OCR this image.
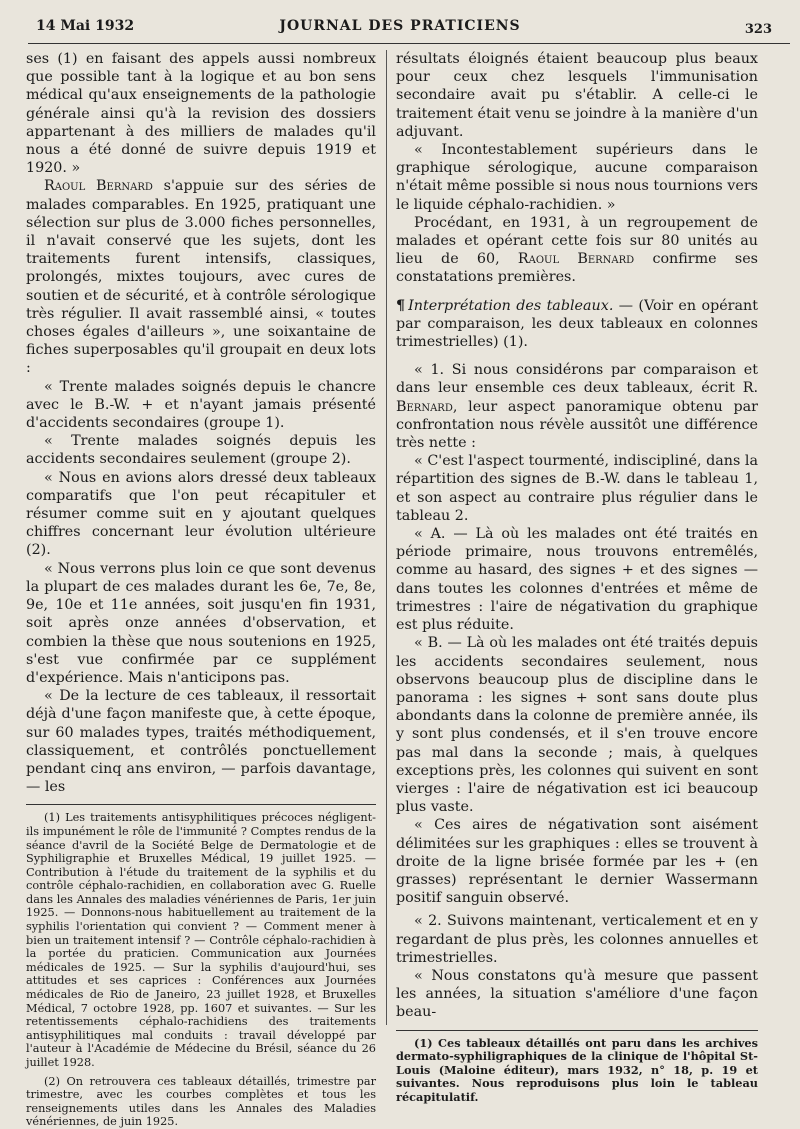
14 Mai 1932	JOURNAL DES PRATICIENS	323

ses (1) en faisant des appels aussi nombreux que possible tant à la logique et au bon sens médical qu'aux enseignements de la pathologie générale ainsi qu'à la revision des dossiers appartenant à des milliers de malades qu'il nous a été donné de suivre depuis 1919 et 1920. »

Raoul Bernard s'appuie sur des séries de malades comparables. En 1925, pratiquant une sélection sur plus de 3.000 fiches personnelles, il n'avait conservé que les sujets, dont les traitements furent intensifs, classiques, prolongés, mixtes toujours, avec cures de soutien et de sécurité, et à contrôle sérologique très régulier. Il avait rassemblé ainsi, « toutes choses égales d'ailleurs », une soixantaine de fiches superposables qu'il groupait en deux lots :

« Trente malades soignés depuis le chancre avec le B.-W. + et n'ayant jamais présenté d'accidents secondaires (groupe 1).

« Trente malades soignés depuis les accidents secondaires seulement (groupe 2).

« Nous en avions alors dressé deux tableaux comparatifs que l'on peut récapituler et résumer comme suit en y ajoutant quelques chiffres concernant leur évolution ultérieure (2).

« Nous verrons plus loin ce que sont devenus la plupart de ces malades durant les 6e, 7e, 8e, 9e, 10e et 11e années, soit jusqu'en fin 1931, soit après onze années d'observation, et combien la thèse que nous soutenions en 1925, s'est vue confirmée par ce supplément d'expérience. Mais n'anticipons pas.

« De la lecture de ces tableaux, il ressortait déjà d'une façon manifeste que, à cette époque, sur 60 malades types, traités méthodiquement, classiquement, et contrôlés ponctuellement pendant cinq ans environ, — parfois davantage, — les

(1) Les traitements antisyphilitiques précoces négligent-ils impunément le rôle de l'immunité ? Comptes rendus de la séance d'avril de la Société Belge de Dermatologie et de Syphiligraphie et Bruxelles Médical, 19 juillet 1925. — Contribution à l'étude du traitement de la syphilis et du contrôle céphalo-rachidien, en collaboration avec G. Ruelle dans les Annales des maladies vénériennes de Paris, 1er juin 1925. — Donnons-nous habituellement au traitement de la syphilis l'orientation qui convient ? — Comment mener à bien un traitement intensif ? — Contrôle céphalo-rachidien à la portée du praticien. Communication aux Journées médicales de 1925. — Sur la syphilis d'aujourd'hui, ses attitudes et ses caprices : Conférences aux Journées médicales de Rio de Janeiro, 23 juillet 1928, et Bruxelles Médical, 7 octobre 1928, pp. 1607 et suivantes. — Sur les retentissements céphalo-rachidiens des traitements antisyphilitiques mal conduits : travail développé par l'auteur à l'Académie de Médecine du Brésil, séance du 26 juillet 1928.

(2) On retrouvera ces tableaux détaillés, trimestre par trimestre, avec les courbes complètes et tous les renseignements utiles dans les Annales des Maladies vénériennes, de juin 1925.

résultats éloignés étaient beaucoup plus beaux pour ceux chez lesquels l'immunisation secondaire avait pu s'établir. A celle-ci le traitement était venu se joindre à la manière d'un adjuvant.

« Incontestablement supérieurs dans le graphique sérologique, aucune comparaison n'était même possible si nous nous tournions vers le liquide céphalo-rachidien. »

Procédant, en 1931, à un regroupement de malades et opérant cette fois sur 80 unités au lieu de 60, Raoul Bernard confirme ses constatations premières.

¶ Interprétation des tableaux. — (Voir en opérant par comparaison, les deux tableaux en colonnes trimestrielles) (1).

« 1. Si nous considérons par comparaison et dans leur ensemble ces deux tableaux, écrit R. Bernard, leur aspect panoramique obtenu par confrontation nous révèle aussitôt une différence très nette :

« C'est l'aspect tourmenté, indiscipliné, dans la répartition des signes de B.-W. dans le tableau 1, et son aspect au contraire plus régulier dans le tableau 2.

« A. — Là où les malades ont été traités en période primaire, nous trouvons entremêlés, comme au hasard, des signes + et des signes — dans toutes les colonnes d'entrées et même de trimestres : l'aire de négativation du graphique est plus réduite.

« B. — Là où les malades ont été traités depuis les accidents secondaires seulement, nous observons beaucoup plus de discipline dans le panorama : les signes + sont sans doute plus abondants dans la colonne de première année, ils y sont plus condensés, et il s'en trouve encore pas mal dans la seconde ; mais, à quelques exceptions près, les colonnes qui suivent en sont vierges : l'aire de négativation est ici beaucoup plus vaste.

« Ces aires de négativation sont aisément délimitées sur les graphiques : elles se trouvent à droite de la ligne brisée formée par les + (en grasses) représentant le dernier Wassermann positif sanguin observé.

« 2. Suivons maintenant, verticalement et en y regardant de plus près, les colonnes annuelles et trimestrielles.

« Nous constatons qu'à mesure que passent les années, la situation s'améliore d'une façon beau-

(1) Ces tableaux détaillés ont paru dans les archives dermato-syphiligraphiques de la clinique de l'hôpital St-Louis (Maloine éditeur), mars 1932, n° 18, p. 19 et suivantes. Nous reproduisons plus loin le tableau récapitulatif.
